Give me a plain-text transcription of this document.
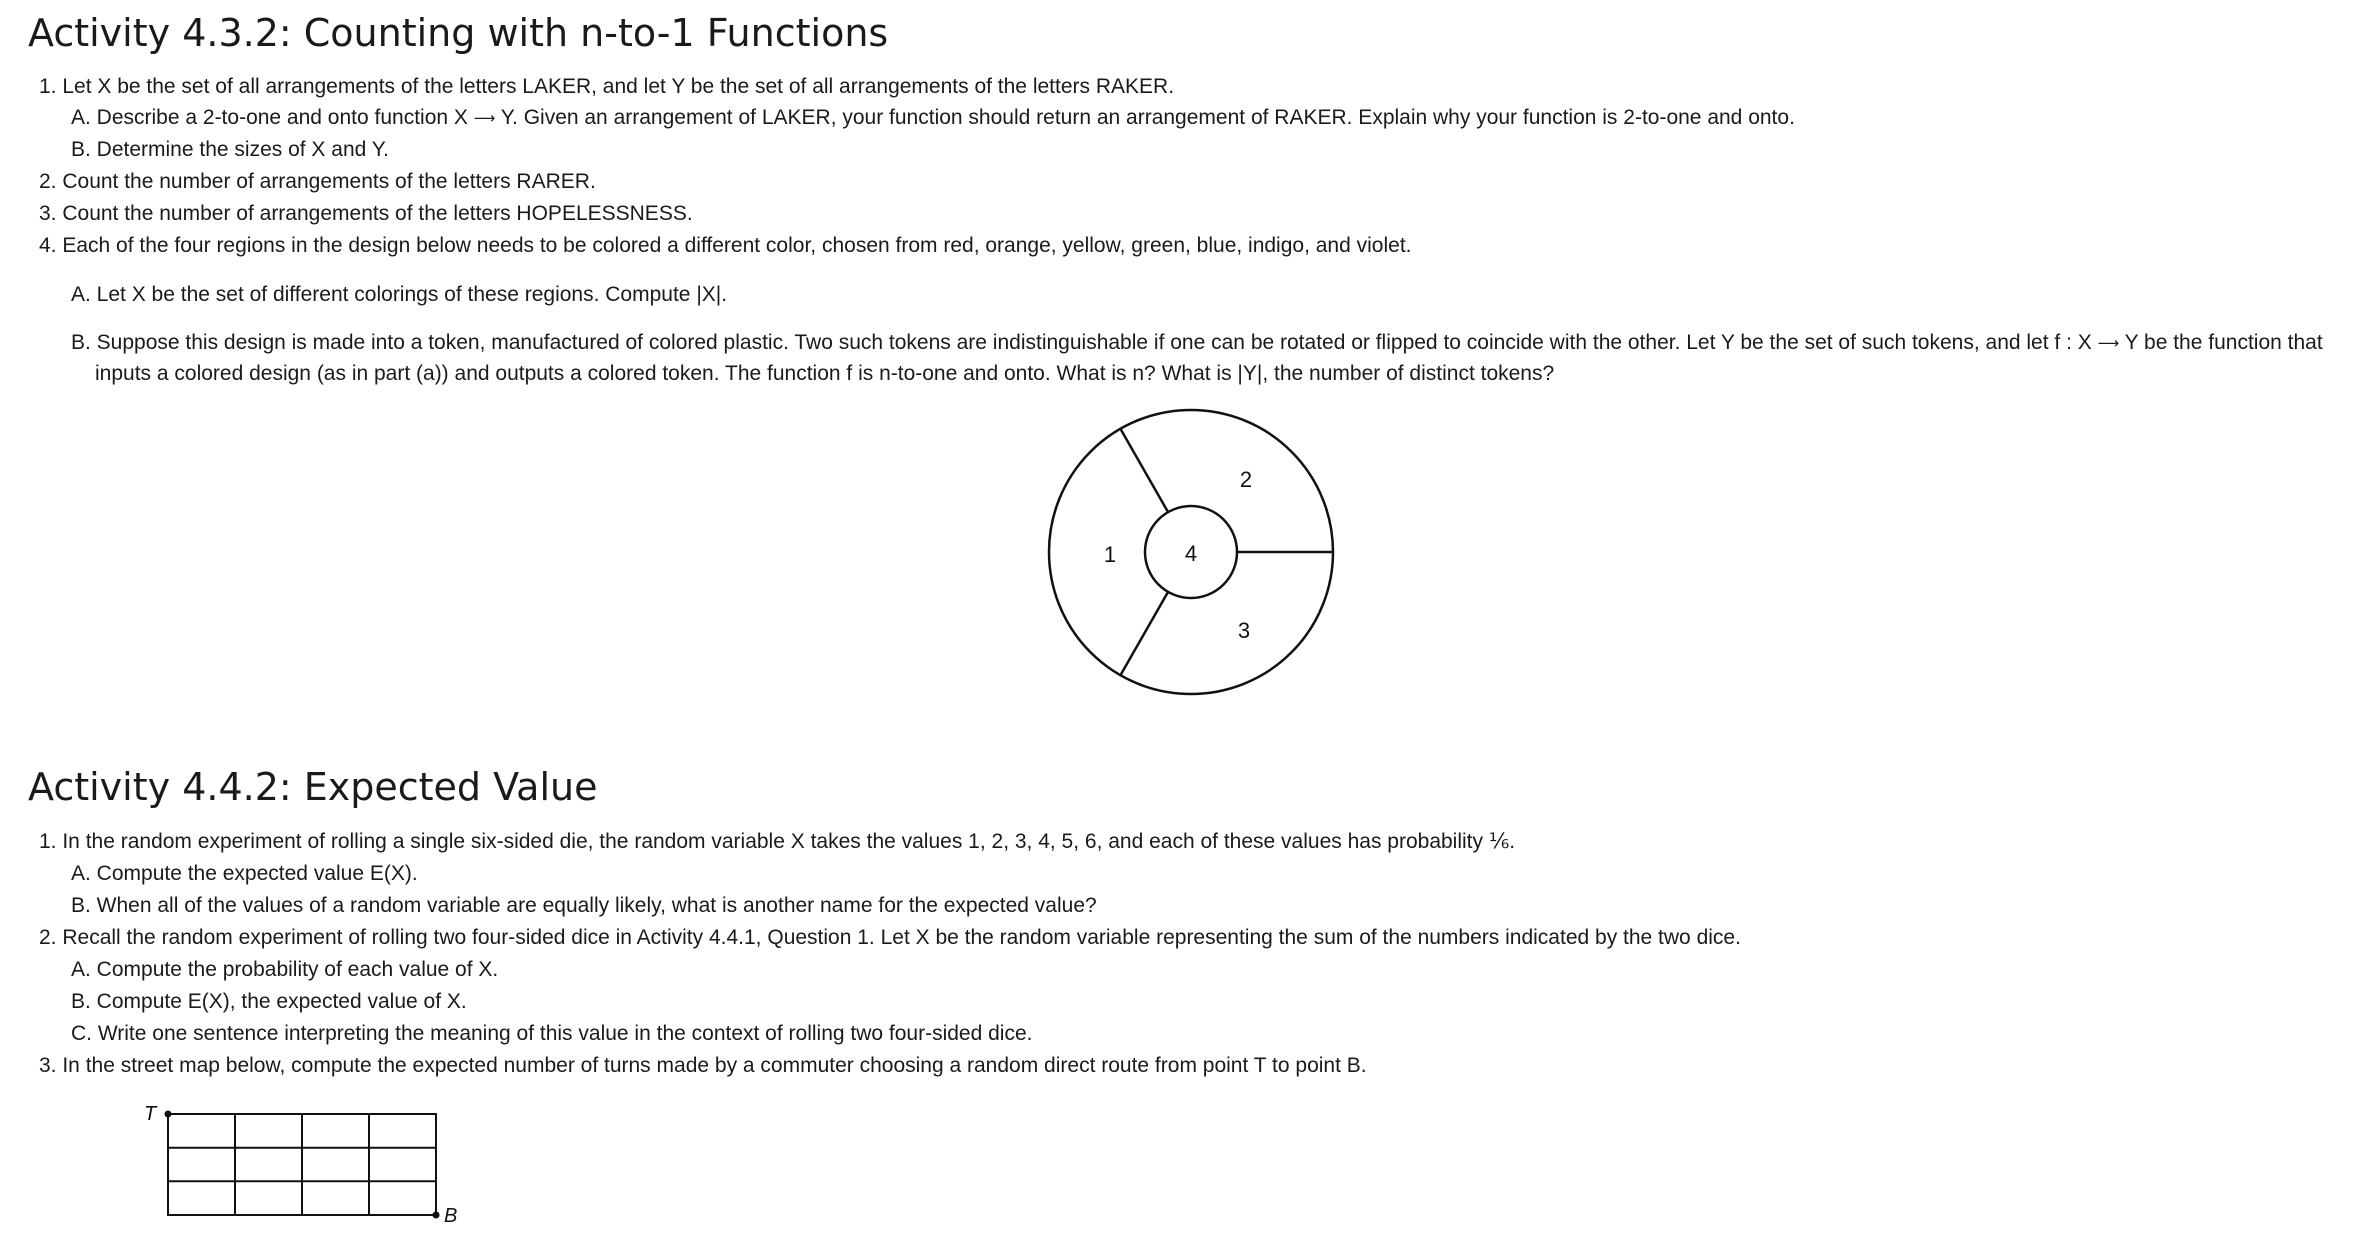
Activity 4.3.2: Counting with n-to-1 Functions

1. Let X be the set of all arrangements of the letters LAKER, and let Y be the set of all arrangements of the letters RAKER.

A. Describe a 2-to-one and onto function X ⟶ Y. Given an arrangement of LAKER, your function should return an arrangement of RAKER. Explain why your function is 2-to-one and onto.

B. Determine the sizes of X and Y.

2. Count the number of arrangements of the letters RARER.

3. Count the number of arrangements of the letters HOPELESSNESS.

4. Each of the four regions in the design below needs to be colored a different color, chosen from red, orange, yellow, green, blue, indigo, and violet.

A. Let X be the set of different colorings of these regions. Compute |X|.

B. Suppose this design is made into a token, manufactured of colored plastic. Two such tokens are indistinguishable if one can be rotated or flipped to coincide with the other. Let Y be the set of such tokens, and let f : X ⟶ Y be the function that

inputs a colored design (as in part (a)) and outputs a colored token. The function f is n-to-one and onto. What is n? What is |Y|, the number of distinct tokens?

1
2
3
4
Activity 4.4.2: Expected Value

1. In the random experiment of rolling a single six-sided die, the random variable X takes the values 1, 2, 3, 4, 5, 6, and each of these values has probability ⅙.

A. Compute the expected value E(X).

B. When all of the values of a random variable are equally likely, what is another name for the expected value?

2. Recall the random experiment of rolling two four-sided dice in Activity 4.4.1, Question 1. Let X be the random variable representing the sum of the numbers indicated by the two dice.

A. Compute the probability of each value of X.

B. Compute E(X), the expected value of X.

C. Write one sentence interpreting the meaning of this value in the context of rolling two four-sided dice.

3. In the street map below, compute the expected number of turns made by a commuter choosing a random direct route from point T to point B.

T
B
